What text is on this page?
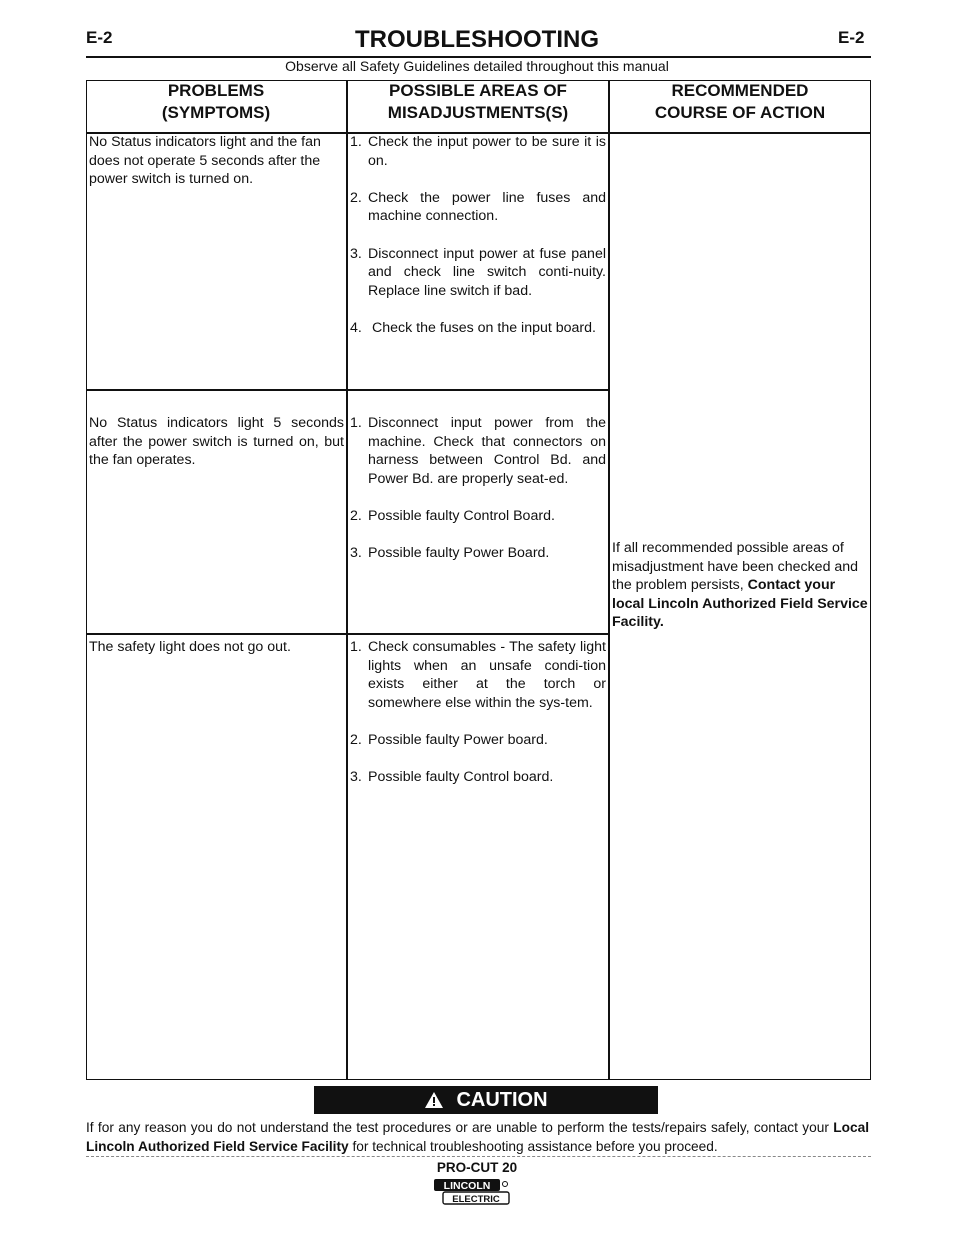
E-2	E-2
TROUBLESHOOTING
Observe all Safety Guidelines detailed throughout this manual
PROBLEMS
(SYMPTOMS)
POSSIBLE AREAS OF
MISADJUSTMENTS(S)
RECOMMENDED
COURSE OF ACTION
No Status indicators light and the fan does not operate 5 seconds after the power switch is turned on.
1. Check the input power to be sure it is on.
2. Check the power line fuses and machine connection.
3. Disconnect input power at fuse panel and check line switch conti-nuity. Replace line switch if bad.
4. Check the fuses on the input board.
No Status indicators light 5 seconds after the power switch is turned on, but the fan operates.
1. Disconnect input power from the machine. Check that connectors on harness between Control Bd. and Power Bd. are properly seat-ed.
2. Possible faulty Control Board.
3. Possible faulty Power Board.
The safety light does not go out.	1. Check consumables - The safety light lights when an unsafe condi-tion exists either at the torch or somewhere else within the sys-tem.
2. Possible faulty Power board.
3. Possible faulty Control board.
If all recommended possible areas of misadjustment have been checked and the problem persists, Contact your local Lincoln Authorized Field Service Facility.
CAUTION
If for any reason you do not understand the test procedures or are unable to perform the tests/repairs safely, contact your Local Lincoln Authorized Field Service Facility for technical troubleshooting assistance before you proceed.
PRO-CUT 20
LINCOLN
ELECTRIC
